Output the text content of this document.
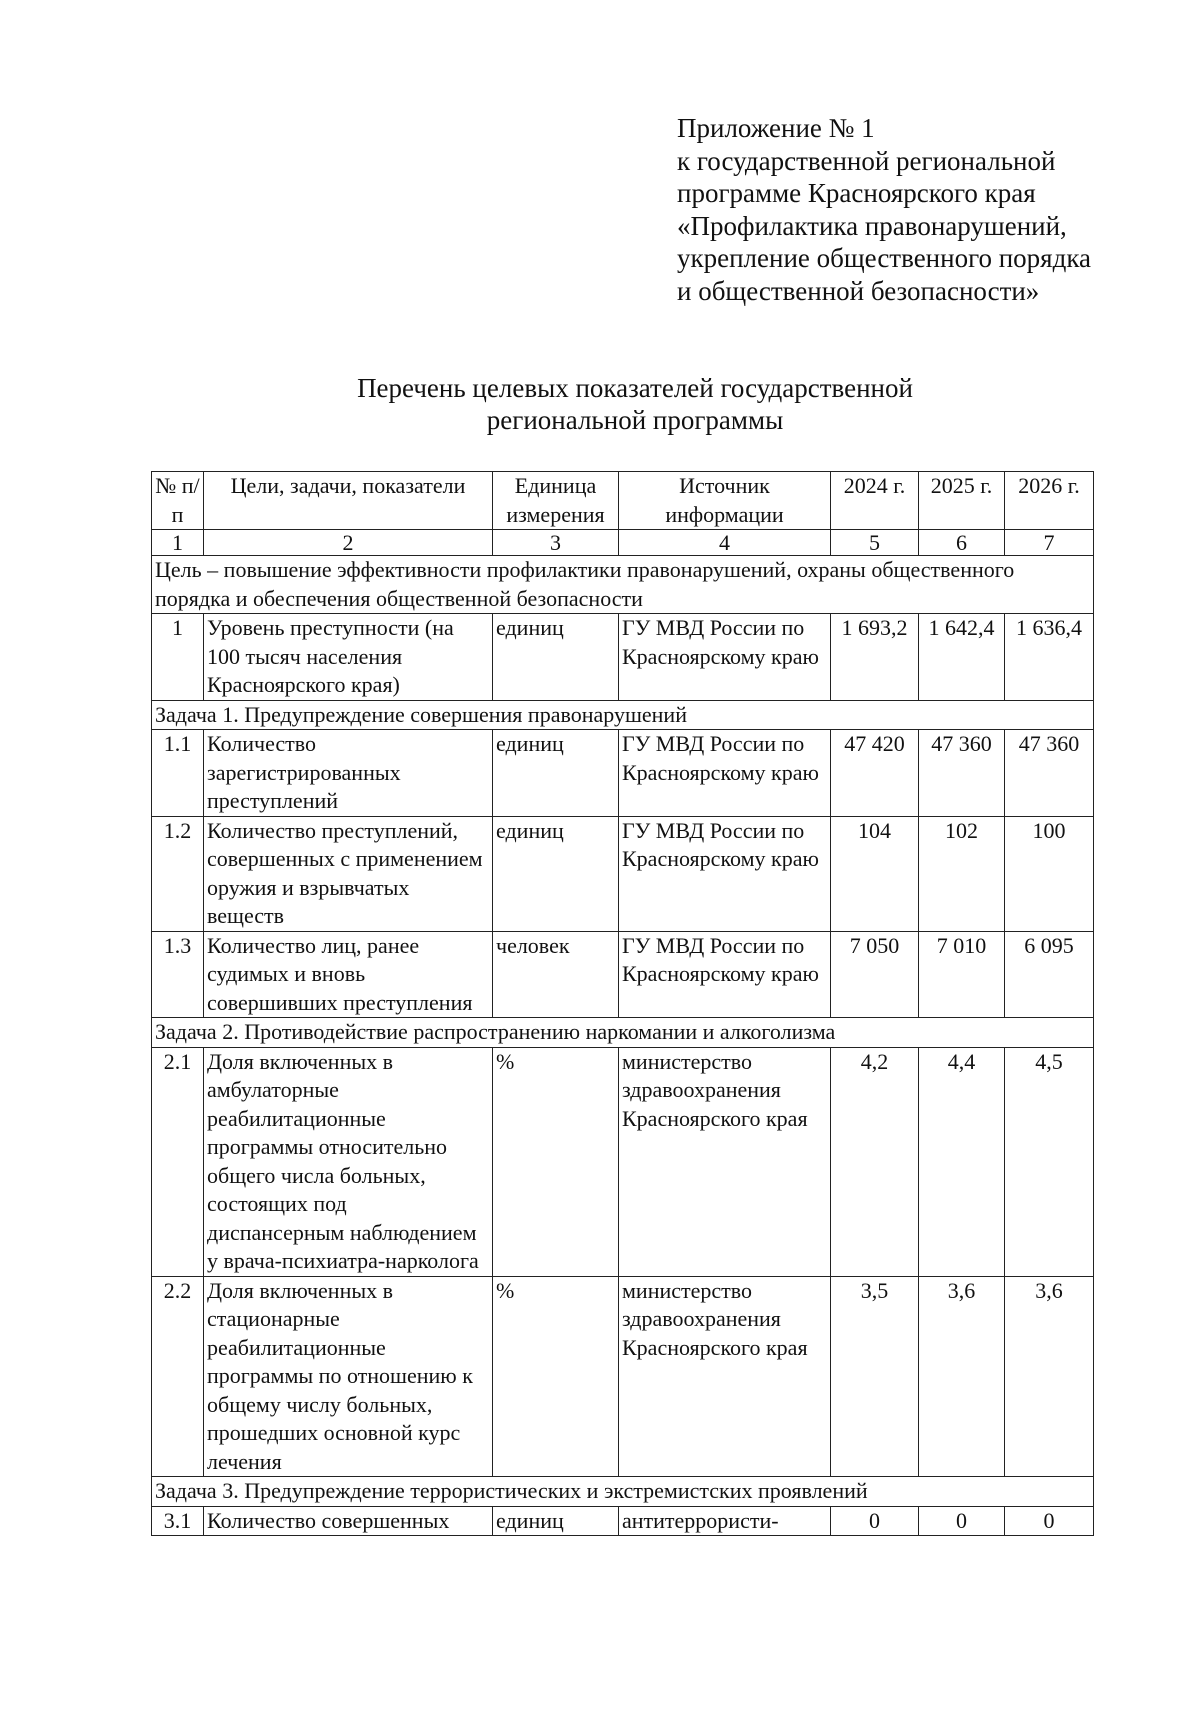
Приложение № 1
к государственной региональной
программе Красноярского края
«Профилактика правонарушений,
укрепление общественного порядка
и общественной безопасности»
Перечень целевых показателей государственной
региональной программы
№ п/п	Цели, задачи, показатели	Единица измерения	Источник информации	2024 г.	2025 г.	2026 г.
1	2	3	4	5	6	7
Цель – повышение эффективности профилактики правонарушений, охраны общественного порядка и обеспечения общественной безопасности						
1	Уровень преступности (на 100 тысяч населения Красноярского края)	единиц	ГУ МВД России по Красноярскому краю	1 693,2	1 642,4	1 636,4
Задача 1. Предупреждение совершения правонарушений						
1.1	Количество зарегистрированных преступлений	единиц	ГУ МВД России по Красноярскому краю	47 420	47 360	47 360
1.2	Количество преступлений, совершенных с применением оружия и взрывчатых веществ	единиц	ГУ МВД России по Красноярскому краю	104	102	100
1.3	Количество лиц, ранее судимых и вновь совершивших преступления	человек	ГУ МВД России по Красноярскому краю	7 050	7 010	6 095
Задача 2. Противодействие распространению наркомании и алкоголизма						
2.1	Доля включенных в амбулаторные реабилитационные программы относительно общего числа больных, состоящих под диспансерным наблюдением у врача-психиатра-нарколога	%	министерство здравоохранения Красноярского края	4,2	4,4	4,5
2.2	Доля включенных в стационарные реабилитационные программы по отношению к общему числу больных, прошедших основной курс лечения	%	министерство здравоохранения Красноярского края	3,5	3,6	3,6
Задача 3. Предупреждение террористических и экстремистских проявлений						
3.1	Количество совершенных	единиц	антитеррористи-	0	0	0
